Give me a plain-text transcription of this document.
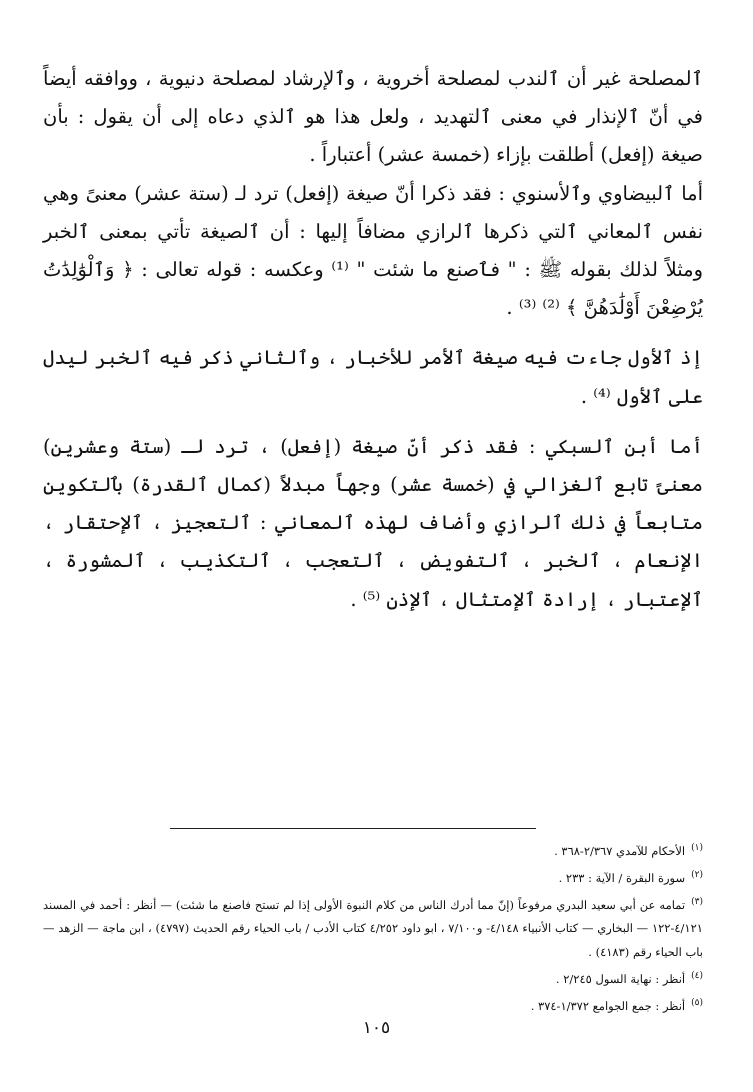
ٱلمصلحة غير أن ٱلندب لمصلحة أخروية ، وٱلإرشاد لمصلحة دنيوية ، ووافقه أيضاً في أنّ ٱلإنذار في معنى ٱلتهديد ، ولعل هذا هو ٱلذي دعاه إلى أن يقول : بأن صيغة (إفعل) أطلقت بإزاء (خمسة عشر) أعتباراً .

أما ٱلبيضاوي وٱلأسنوي : فقد ذكرا أنّ صيغة (إفعل) ترد لـ (ستة عشر) معنىً وهي نفس ٱلمعاني ٱلتي ذكرها ٱلرازي مضافاً إليها : أن ٱلصيغة تأتي بمعنى ٱلخبر ومثلاً لذلك بقوله ﷺ : " فٱصنع ما شئت " ⁽¹⁾ وعكسه : قوله تعالى : ﴿ وَٱلْوَٰلِدَٰتُ يُرْضِعْنَ أَوْلَٰدَهُنَّ ﴾ ⁽²⁾ ⁽³⁾ .

إذ ٱلأول جاءت فيه صيغة ٱلأمر للأخبار ، وٱلثاني ذكر فيه ٱلخبر ليدل على ٱلأول ⁽⁴⁾ .

أما أبن ٱلسبكي : فقد ذكر أنّ صيغة (إفعل) ، ترد لـ (ستة وعشرين) معنىً تابع ٱلغزالي في (خمسة عشر) وجهاً مبدلاً (كمال ٱلقدرة) بٱلتكوين متابعاً في ذلك ٱلرازي وأضاف لهذه ٱلمعاني : ٱلتعجيز ، ٱلإحتقار ، الإنعام ، ٱلخبر ، ٱلتفويض ، ٱلتعجب ، ٱلتكذيب ، ٱلمشورة ، ٱلإعتبار ، إرادة ٱلإمتثال ، ٱلإذن ⁽⁵⁾ .

$^{(١)}$الأحكام للآمدي ٢/٣٦٧-٣٦٨ .

$^{(٢)}$سورة البقرة / الآية : ٢٣٣ .

$^{(٣)}$تمامه عن أبي سعيد البدري مرفوعاً (إنّ مما أدرك الناس من كلام النبوة الأولى إذا لم تستح فاصنع ما شئت) — أنظر : أحمد في المسند ٤/١٢١-١٢٢ — البخاري — كتاب الأنبياء ٤/١٤٨- و٧/١٠٠ ، ابو داود ٤/٢٥٢ كتاب الأدب / باب الحياء رقم الحديث (٤٧٩٧) ، ابن ماجة — الزهد — باب الحياء رقم (٤١٨٣) .

$^{(٤)}$أنظر : نهاية السول ٢/٢٤٥ .

$^{(٥)}$أنظر : جمع الجوامع ١/٣٧٢-٣٧٤ .

١٠٥
